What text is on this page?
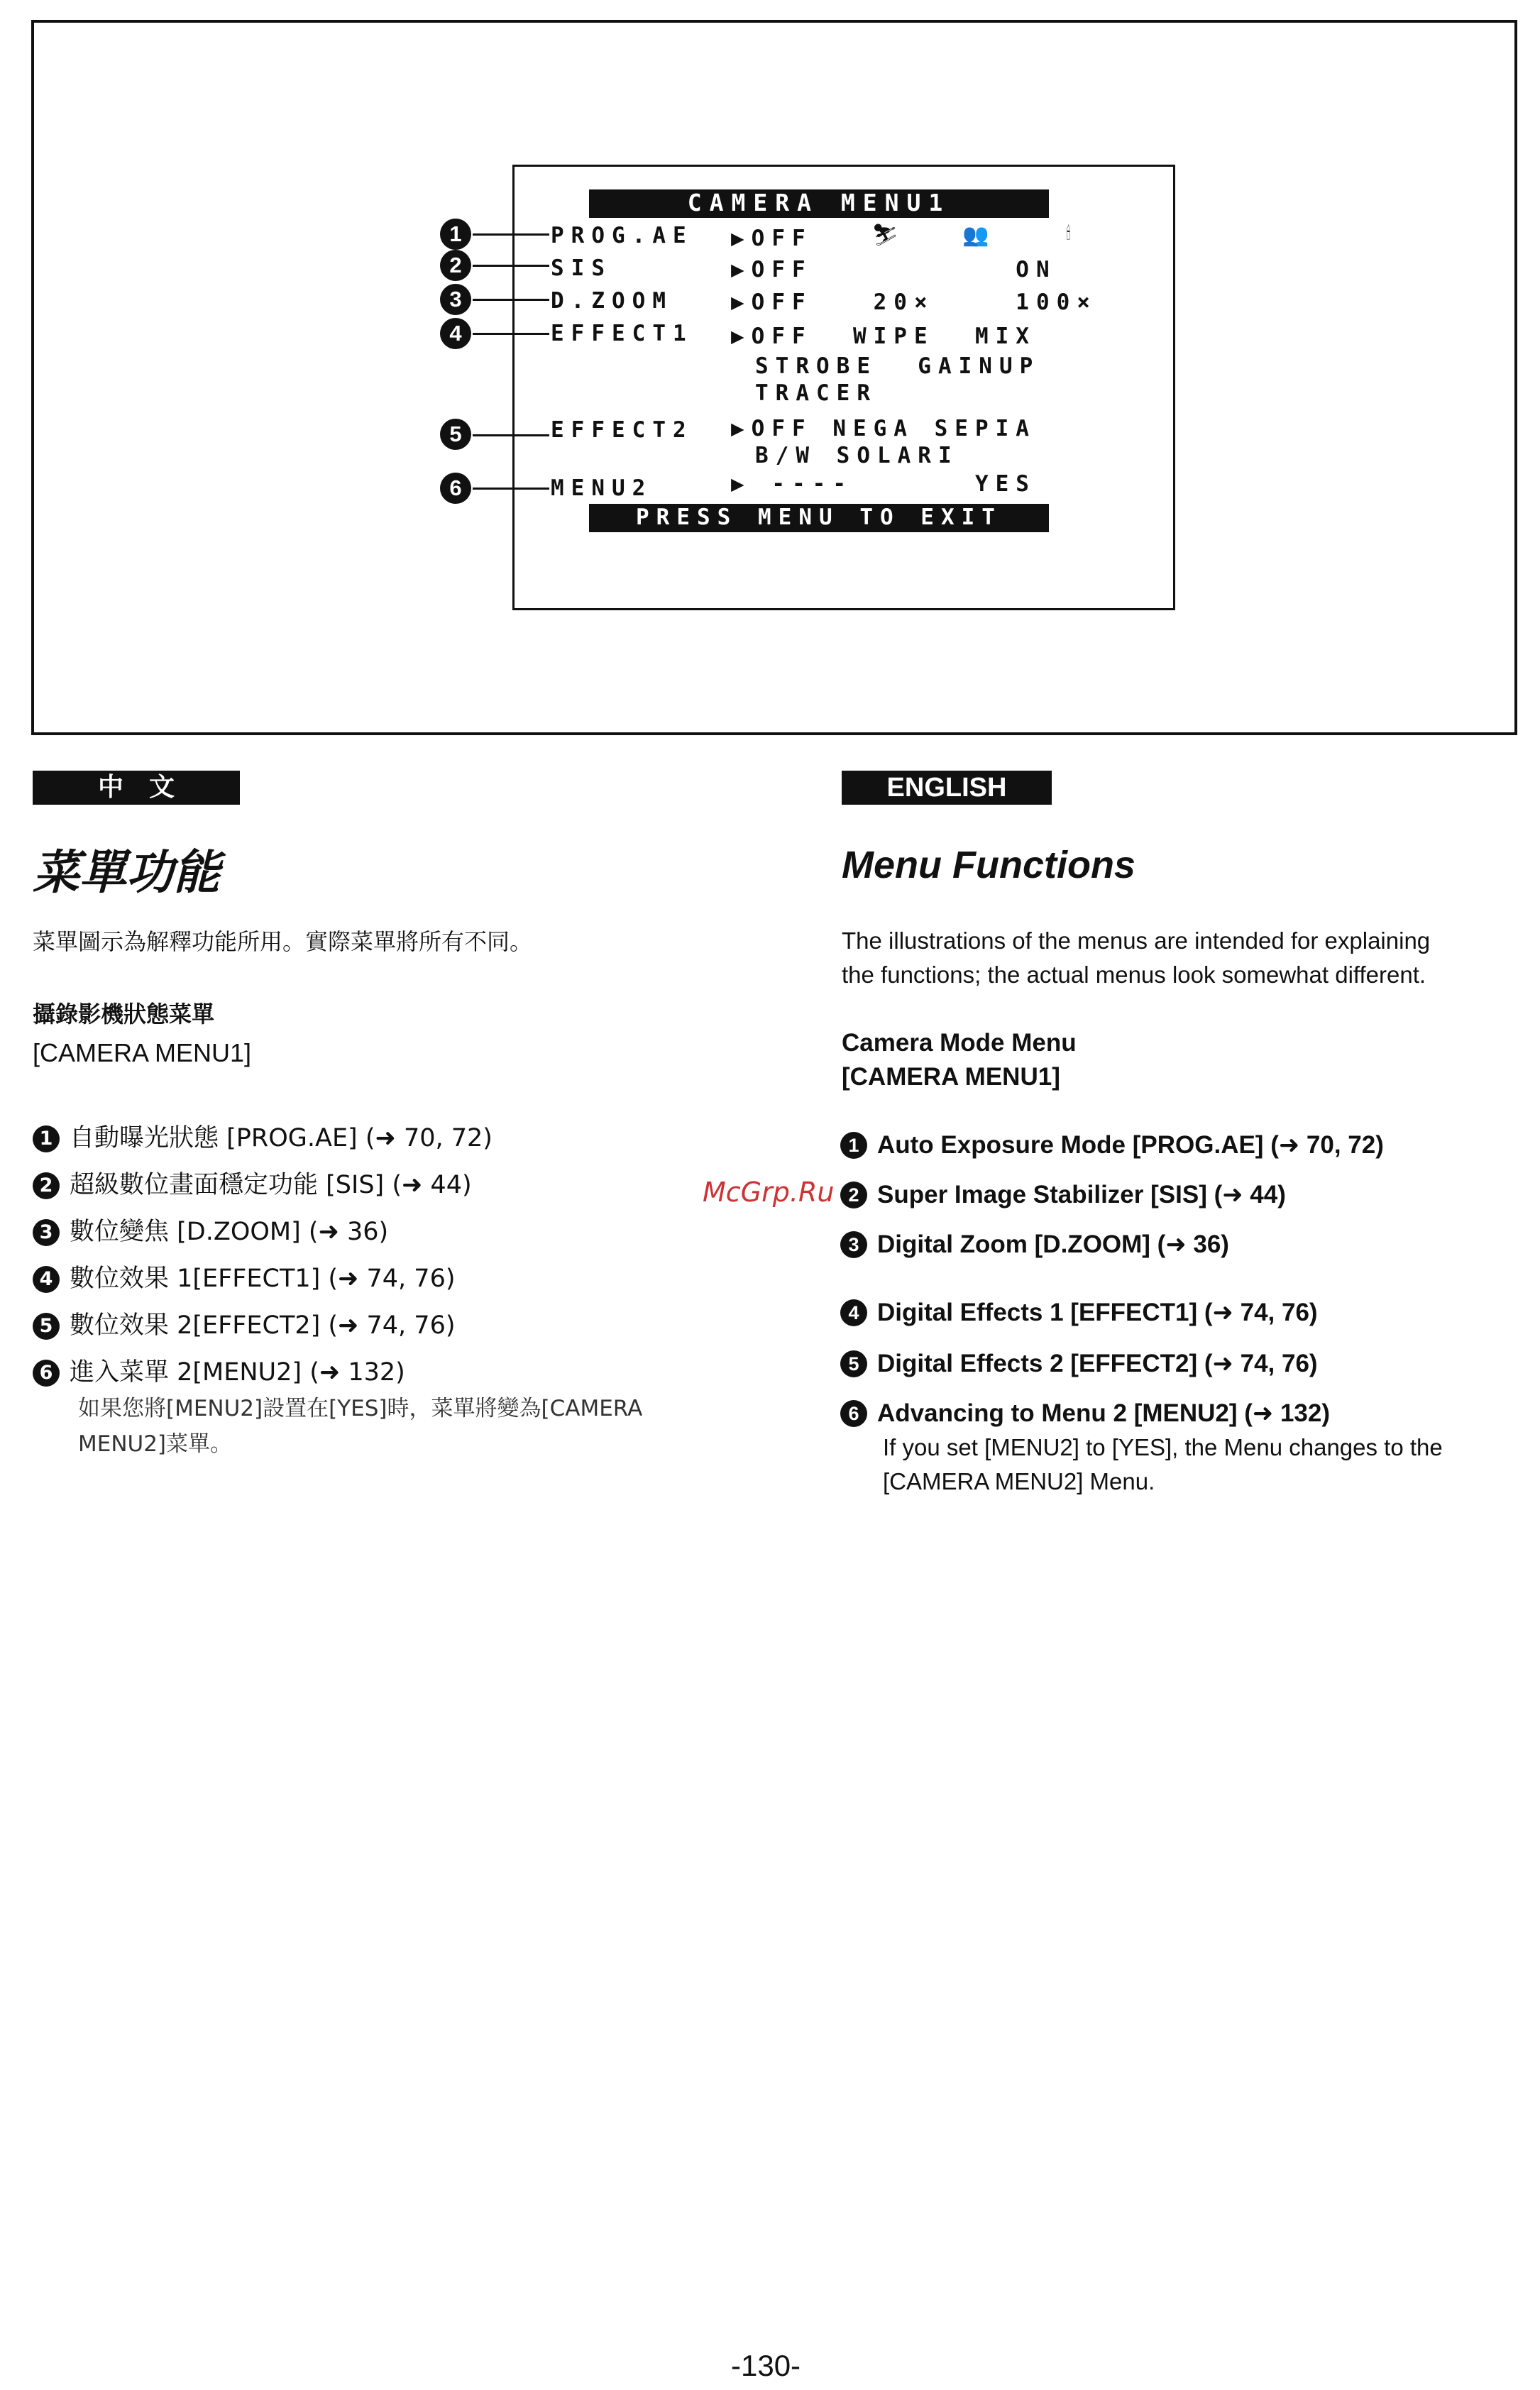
CAMERA MENU1
1	PROG.AE ▶OFF	⛷	👥	🕯
2	SIS	▶OFF          ON
3	D.ZOOM	▶OFF   20×    100×
4	EFFECT1 ▶OFF  WIPE  MIX
STROBE  GAINUP
TRACER
5	EFFECT2 ▶OFF NEGA SEPIA
B/W SOLARI
6	MENU2	▶ ----      YES
PRESS MENU TO EXIT
中　文
菜單功能
菜單圖示為解釋功能所用。實際菜單將所有不同。
攝錄影機狀態菜單
[CAMERA MENU1]
1 自動曝光狀態 [PROG.AE] (➜ 70, 72)
2 超級數位畫面穩定功能 [SIS] (➜ 44)
3 數位變焦 [D.ZOOM] (➜ 36)
4 數位效果 1[EFFECT1] (➜ 74, 76)
5 數位效果 2[EFFECT2] (➜ 74, 76)
6 進入菜單 2[MENU2] (➜ 132)
如果您將[MENU2]設置在[YES]時，菜單將變為[CAMERA
MENU2]菜單。
McGrp.Ru
ENGLISH
Menu Functions
The illustrations of the menus are intended for explaining
the functions; the actual menus look somewhat different.
Camera Mode Menu
[CAMERA MENU1]
1 Auto Exposure Mode [PROG.AE] (➜ 70, 72)
2 Super Image Stabilizer [SIS] (➜ 44)
3 Digital Zoom [D.ZOOM] (➜ 36)
4 Digital Effects 1 [EFFECT1] (➜ 74, 76)
5 Digital Effects 2 [EFFECT2] (➜ 74, 76)
6 Advancing to Menu 2 [MENU2] (➜ 132)
If you set [MENU2] to [YES], the Menu changes to the
[CAMERA MENU2] Menu.
-130-
